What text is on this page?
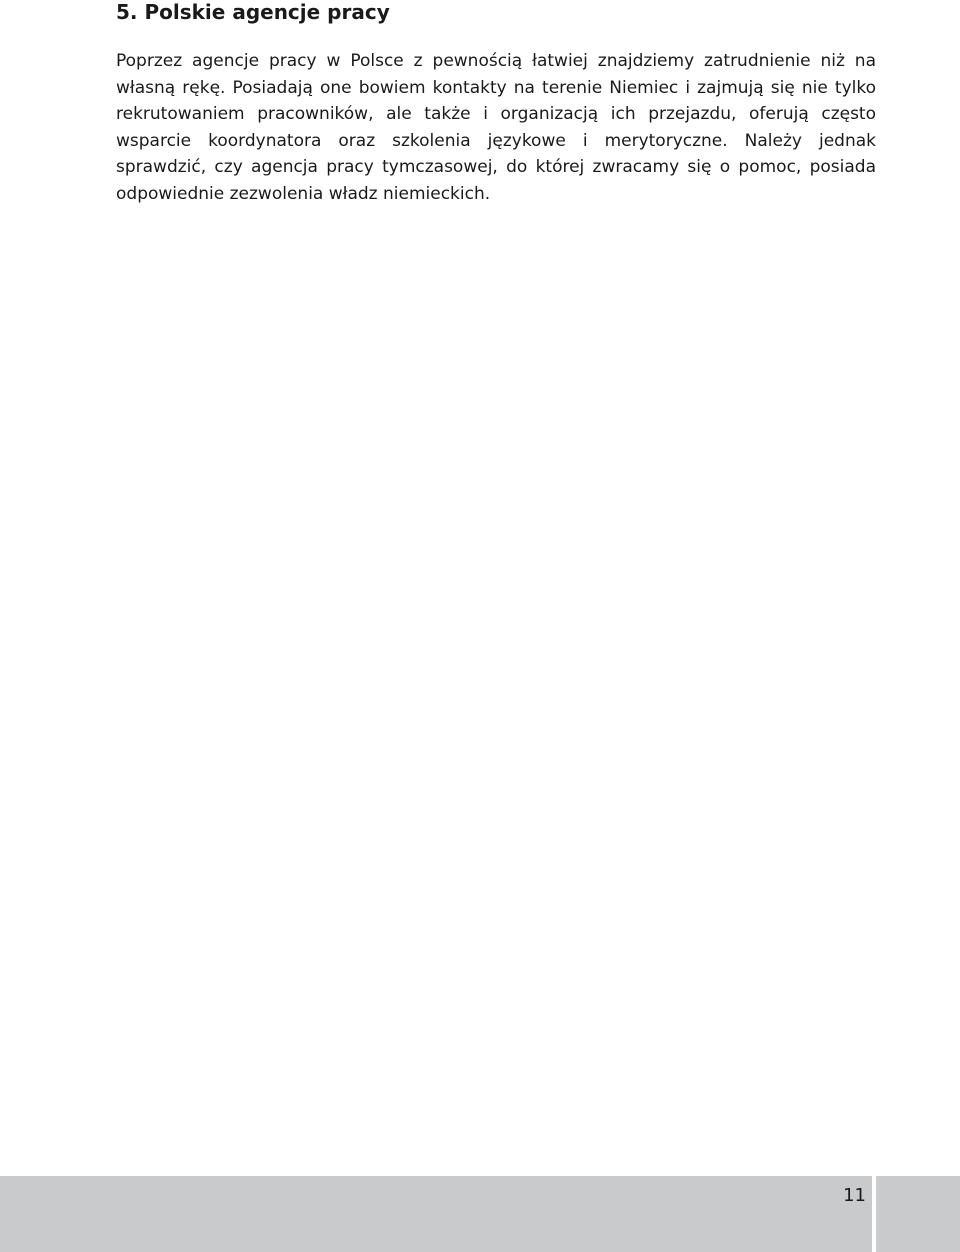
5. Polskie agencje pracy

Poprzez agencje pracy w Polsce z pewnością łatwiej znajdziemy zatrudnienie niż na własną rękę. Posiadają one bowiem kontakty na terenie Niemiec i zajmują się nie tylko rekrutowaniem pracowników, ale także i organizacją ich przejazdu, oferują często wsparcie koordynatora oraz szkolenia językowe i merytoryczne. Należy jednak sprawdzić, czy agencja pracy tymczasowej, do której zwracamy się o pomoc, posiada odpowiednie zezwolenia władz niemieckich.

11
